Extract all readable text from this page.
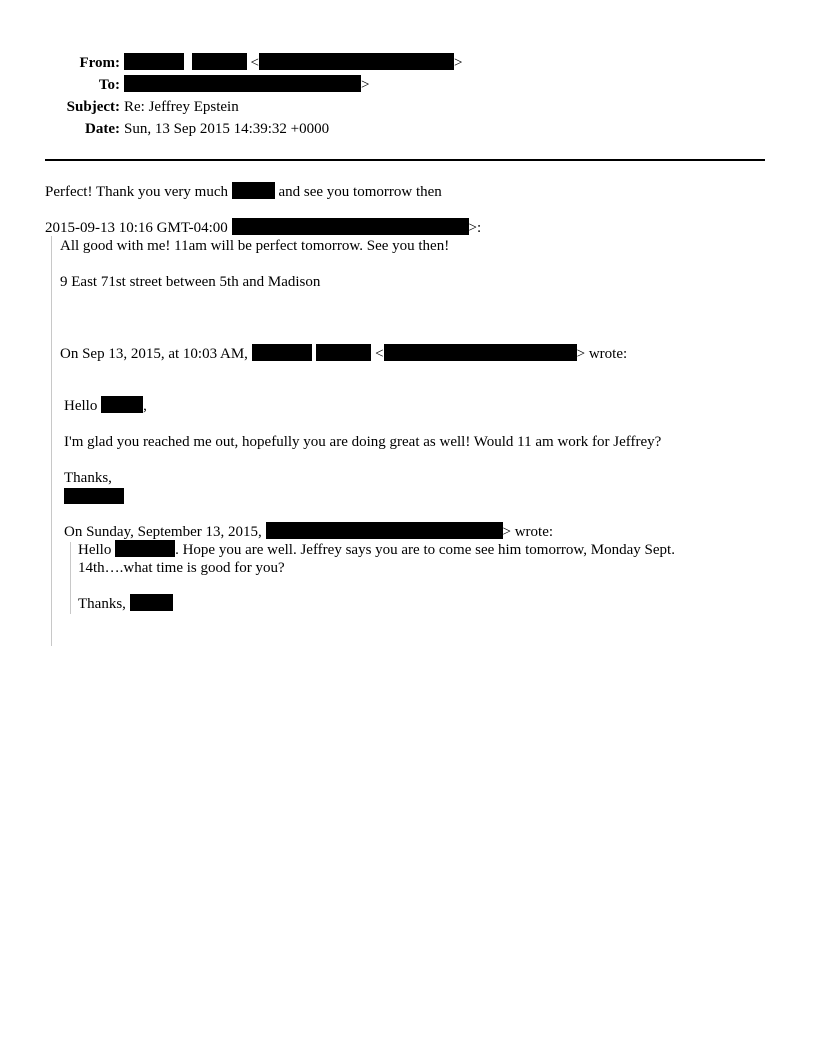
From:	<	>
To:	>
Subject: Re: Jeffrey Epstein
Date: Sun, 13 Sep 2015 14:39:32 +0000
Perfect! Thank you very much	and see you tomorrow then
2015-09-13 10:16 GMT-04:00	>:
All good with me! 11am will be perfect tomorrow. See you then!
9 East 71st street between 5th and Madison
On Sep 13, 2015, at 10:03 AM,	<	> wrote:
Hello	,
I'm glad you reached me out, hopefully you are doing great as well! Would 11 am work for Jeffrey?
Thanks,
On Sunday, September 13, 2015,	> wrote:
Hello	. Hope you are well. Jeffrey says you are to come see him tomorrow, Monday Sept.
14th….what time is good for you?
Thanks,
